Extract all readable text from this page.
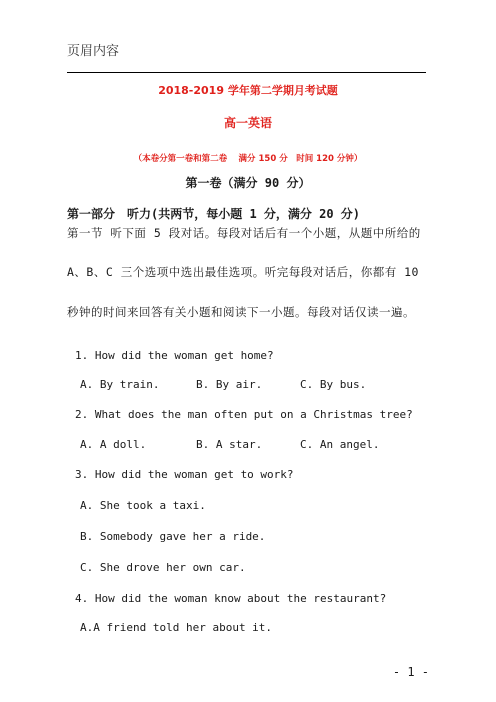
页眉内容
2018-2019 学年第二学期月考试题
高一英语
（本卷分第一卷和第二卷　 满分 150 分　时间 120 分钟）
第一卷（满分 90 分）
第一部分　听力(共两节，每小题 1 分，满分 20 分)
第一节 听下面 5 段对话。每段对话后有一个小题，从题中所给的
A、B、C 三个选项中选出最佳选项。听完每段对话后，你都有 10
秒钟的时间来回答有关小题和阅读下一小题。每段对话仅读一遍。
1. How did the woman get home?
A. By train.	B. By air.	C. By bus.
2. What does the man often put on a Christmas tree?
A. A doll.	B. A star.	C. An angel.
3. How did the woman get to work?
A. She took a taxi.
B. Somebody gave her a ride.
C. She drove her own car.
4. How did the woman know about the restaurant?
A.A friend told her about it.
- 1 -
